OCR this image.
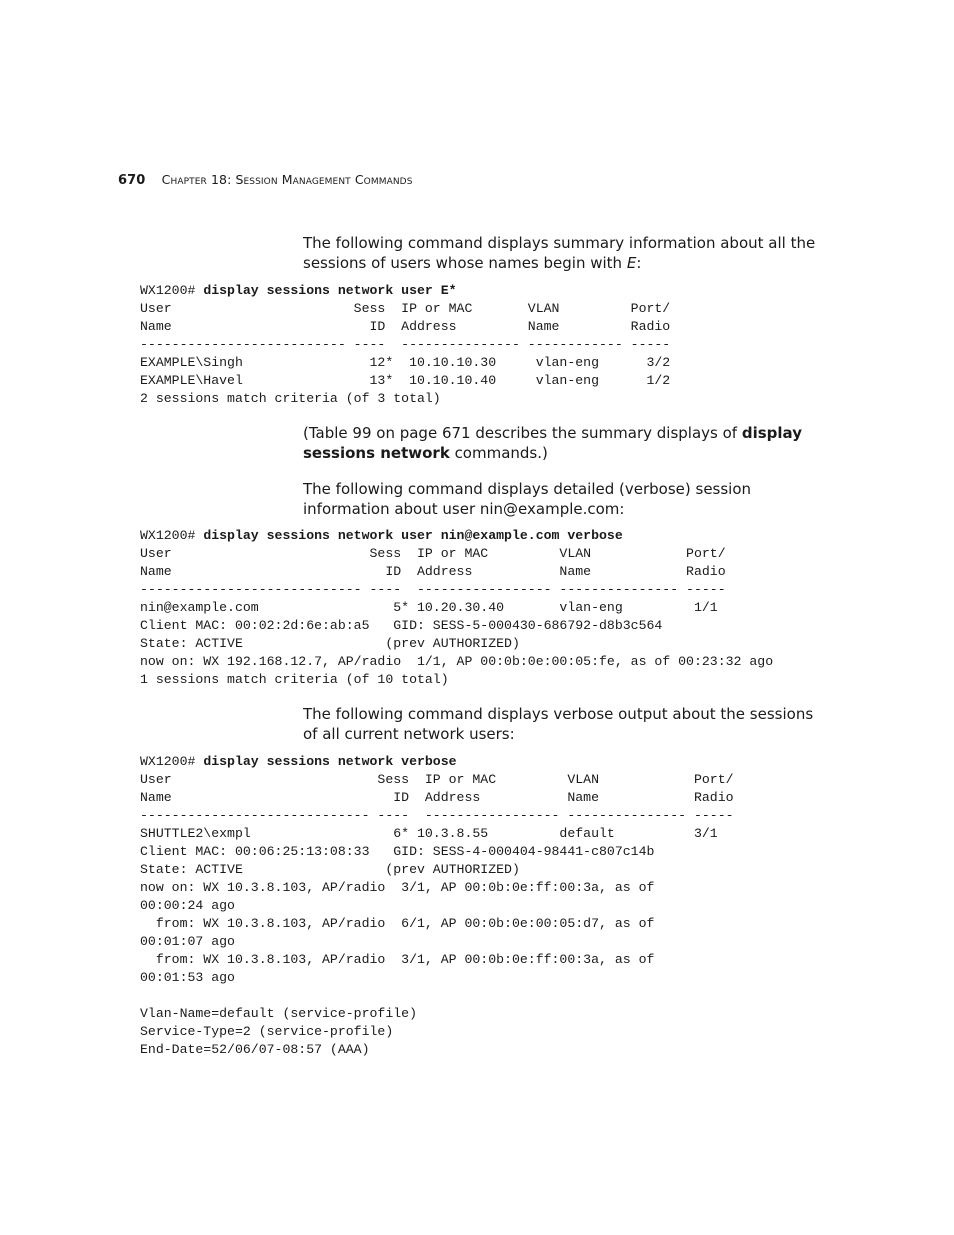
670 Chapter 18: Session Management Commands

The following command displays summary information about all the sessions of users whose names begin with E:

WX1200# display sessions network user E*
User                       Sess  IP or MAC       VLAN         Port/
Name                         ID  Address         Name         Radio
-------------------------- ----  --------------- ------------ -----
EXAMPLE\Singh                12*  10.10.10.30     vlan-eng      3/2
EXAMPLE\Havel                13*  10.10.10.40     vlan-eng      1/2
2 sessions match criteria (of 3 total)

(Table 99 on page 671 describes the summary displays of display sessions network commands.)

The following command displays detailed (verbose) session information about user nin@example.com:

WX1200# display sessions network user nin@example.com verbose
User                         Sess  IP or MAC         VLAN            Port/
Name                           ID  Address           Name            Radio
---------------------------- ----  ----------------- --------------- -----
nin@example.com                 5* 10.20.30.40       vlan-eng         1/1
Client MAC: 00:02:2d:6e:ab:a5   GID: SESS-5-000430-686792-d8b3c564
State: ACTIVE                  (prev AUTHORIZED)
now on: WX 192.168.12.7, AP/radio  1/1, AP 00:0b:0e:00:05:fe, as of 00:23:32 ago
1 sessions match criteria (of 10 total)

The following command displays verbose output about the sessions of all current network users:

WX1200# display sessions network verbose
User                          Sess  IP or MAC         VLAN            Port/
Name                            ID  Address           Name            Radio
----------------------------- ----  ----------------- --------------- -----
SHUTTLE2\exmpl                  6* 10.3.8.55         default          3/1
Client MAC: 00:06:25:13:08:33   GID: SESS-4-000404-98441-c807c14b
State: ACTIVE                  (prev AUTHORIZED)
now on: WX 10.3.8.103, AP/radio  3/1, AP 00:0b:0e:ff:00:3a, as of
00:00:24 ago
from: WX 10.3.8.103, AP/radio  6/1, AP 00:0b:0e:00:05:d7, as of
00:01:07 ago
from: WX 10.3.8.103, AP/radio  3/1, AP 00:0b:0e:ff:00:3a, as of
00:01:53 ago

Vlan-Name=default (service-profile)
Service-Type=2 (service-profile)
End-Date=52/06/07-08:57 (AAA)
